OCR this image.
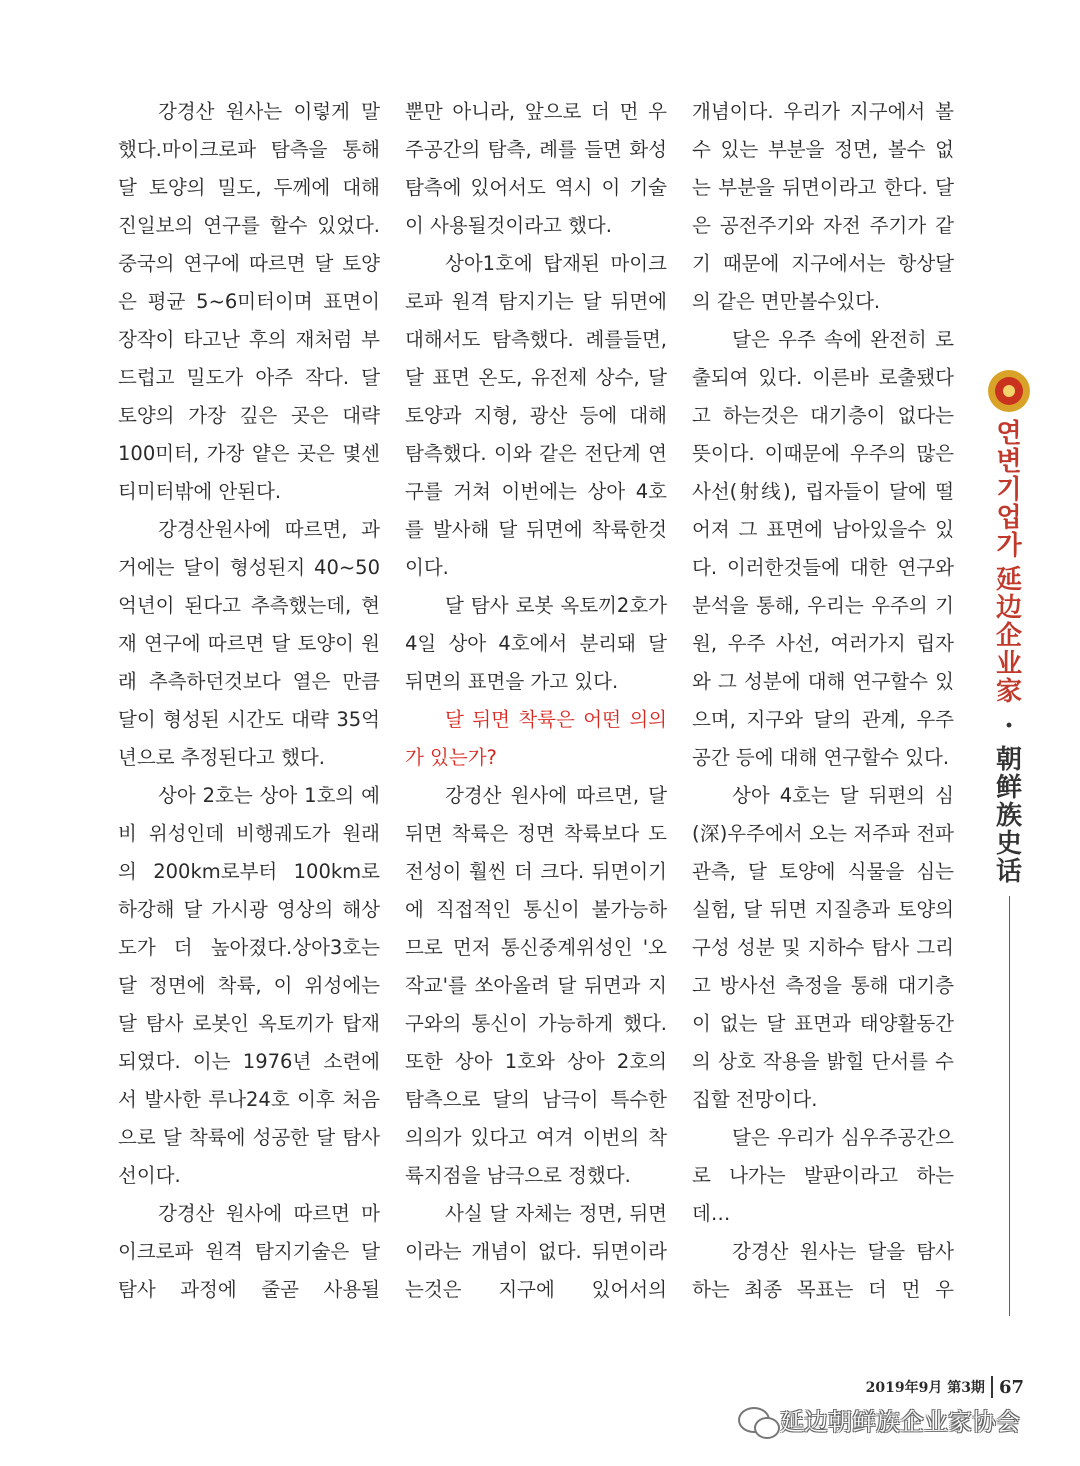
강경산 원사는 이렇게 말했다.마이크로파 탐측을 통해 달 토양의 밀도, 두께에 대해 진일보의 연구를 할수 있었다. 중국의 연구에 따르면 달 토양은 평균 5~6미터이며 표면이 장작이 타고난 후의 재처럼 부드럽고 밀도가 아주 작다. 달 토양의 가장 깊은 곳은 대략 100미터, 가장 얕은 곳은 몇센티미터밖에 안된다.

강경산원사에 따르면, 과거에는 달이 형성된지 40~50억년이 된다고 추측했는데, 현재 연구에 따르면 달 토양이 원래 추측하던것보다 열은 만큼 달이 형성된 시간도 대략 35억년으로 추정된다고 했다.

상아 2호는 상아 1호의 예비 위성인데 비행궤도가 원래의 200km로부터 100km로 하강해 달 가시광 영상의 해상도가 더 높아졌다.상아3호는 달 정면에 착륙, 이 위성에는 달 탐사 로봇인 옥토끼가 탑재되였다. 이는 1976년 소련에서 발사한 루나24호 이후 처음으로 달 착륙에 성공한 달 탐사선이다.

강경산 원사에 따르면 마이크로파 원격 탐지기술은 달 탐사 과정에 줄곧 사용될

뿐만 아니라, 앞으로 더 먼 우주공간의 탐측, 례를 들면 화성 탐측에 있어서도 역시 이 기술이 사용될것이라고 했다.

상아1호에 탑재된 마이크로파 원격 탐지기는 달 뒤면에 대해서도 탐측했다. 례를들면, 달 표면 온도, 유전제 상수, 달 토양과 지형, 광산 등에 대해 탐측했다. 이와 같은 전단계 연구를 거쳐 이번에는 상아 4호를 발사해 달 뒤면에 착륙한것이다.

달 탐사 로봇 옥토끼2호가 4일 상아 4호에서 분리돼 달 뒤면의 표면을 가고 있다.

달 뒤면 착륙은 어떤 의의가 있는가?

강경산 원사에 따르면, 달 뒤면 착륙은 정면 착륙보다 도전성이 훨씬 더 크다. 뒤면이기에 직접적인 통신이 불가능하므로 먼저 통신중계위성인 '오작교'를 쏘아올려 달 뒤면과 지구와의 통신이 가능하게 했다. 또한 상아 1호와 상아 2호의 탐측으로 달의 남극이 특수한 의의가 있다고 여겨 이번의 착륙지점을 남극으로 정했다.

사실 달 자체는 정면, 뒤면이라는 개념이 없다. 뒤면이라는것은 지구에 있어서의

개념이다. 우리가 지구에서 볼수 있는 부분을 정면, 볼수 없는 부분을 뒤면이라고 한다. 달은 공전주기와 자전 주기가 같기 때문에 지구에서는 항상달의 같은 면만볼수있다.

달은 우주 속에 완전히 로출되여 있다. 이른바 로출됐다고 하는것은 대기층이 없다는 뜻이다. 이때문에 우주의 많은 사선(射线), 립자들이 달에 떨어져 그 표면에 남아있을수 있다. 이러한것들에 대한 연구와 분석을 통해, 우리는 우주의 기원, 우주 사선, 여러가지 립자와 그 성분에 대해 연구할수 있으며, 지구와 달의 관계, 우주공간 등에 대해 연구할수 있다.

상아 4호는 달 뒤편의 심(深)우주에서 오는 저주파 전파 관측, 달 토양에 식물을 심는 실험, 달 뒤면 지질층과 토양의 구성 성분 및 지하수 탐사 그리고 방사선 측정을 통해 대기층이 없는 달 표면과 태양활동간의 상호 작용을 밝힐 단서를 수집할 전망이다.

달은 우리가 심우주공간으로 나가는 발판이라고 하는데…

강경산 원사는 달을 탐사하는 최종 목표는 더 먼 우

연변기업가
延边企业家
·
朝鲜族史话
2019年9月 第3期 67
延边朝鲜族企业家协会
